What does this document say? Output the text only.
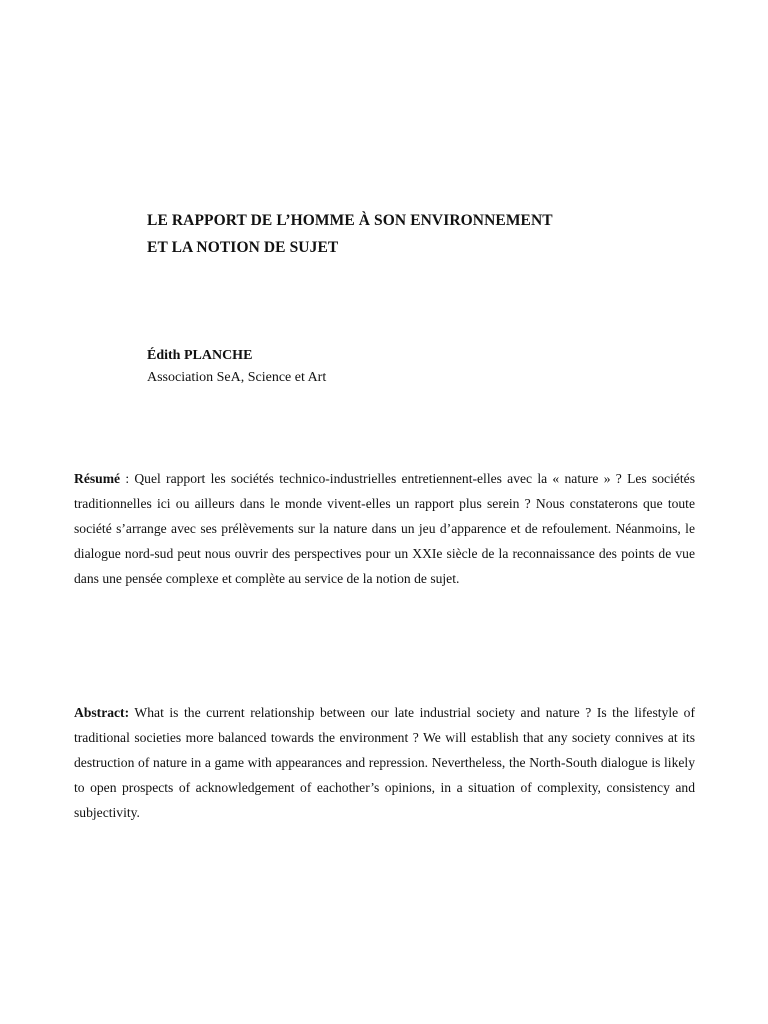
LE RAPPORT DE L’HOMME À SON ENVIRONNEMENT
ET LA NOTION DE SUJET
Édith PLANCHE
Association SeA, Science et Art
Résumé : Quel rapport les sociétés technico-industrielles entretiennent-elles avec la « nature » ? Les sociétés traditionnelles ici ou ailleurs dans le monde vivent-elles un rapport plus serein ? Nous constaterons que toute société s’arrange avec ses prélèvements sur la nature dans un jeu d’apparence et de refoulement. Néanmoins, le dialogue nord-sud peut nous ouvrir des perspectives pour un XXIe siècle de la reconnaissance des points de vue dans une pensée complexe et complète au service de la notion de sujet.
Abstract: What is the current relationship between our late industrial society and nature ? Is the lifestyle of traditional societies more balanced towards the environment ? We will establish that any society connives at its destruction of nature in a game with appearances and repression. Nevertheless, the North-South dialogue is likely to open prospects of acknowledgement of eachother’s opinions, in a situation of complexity, consistency and subjectivity.
